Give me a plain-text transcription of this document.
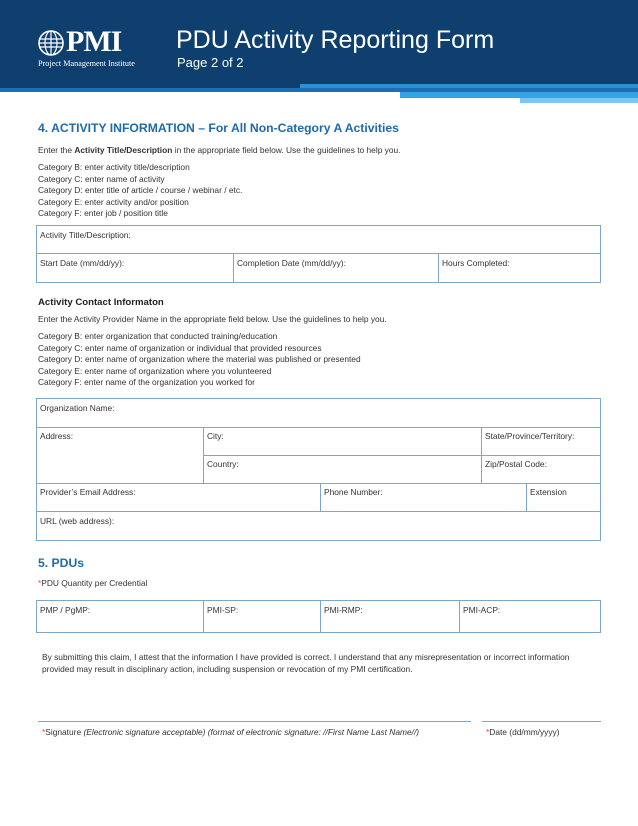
PMI
Project Management Institute
PDU Activity Reporting Form
Page 2 of 2
4. ACTIVITY INFORMATION – For All Non-Category A Activities
Enter the Activity Title/Description in the appropriate field below. Use the guidelines to help you.
Category B: enter activity title/description
Category C: enter name of activity
Category D: enter title of article / course / webinar / etc.
Category E: enter activity and/or position
Category F: enter job / position title
Activity Title/Description:
Start Date (mm/dd/yy):	Completion Date (mm/dd/yy):	Hours Completed:
Activity Contact Informaton
Enter the Activity Provider Name in the appropriate field below. Use the guidelines to help you.
Category B: enter organization that conducted training/education
Category C: enter name of organization or individual that provided resources
Category D: enter name of organization where the material was published or presented
Category E: enter name of organization where you volunteered
Category F: enter name of the organization you worked for
Organization Name:
Address:	City:	State/Province/Territory:
Country:	Zip/Postal Code:
Provider’s Email Address:	Phone Number:	Extension
URL (web address):
5. PDUs
*PDU Quantity per Credential
PMP / PgMP:	PMI-SP:	PMI-RMP:	PMI-ACP:
By submitting this claim, I attest that the information I have provided is correct. I understand that any misrepresentation or incorrect information provided may result in disciplinary action, including suspension or revocation of my PMI certification.
*Signature (Electronic signature acceptable) (format of electronic signature: //First Name Last Name//)	*Date (dd/mm/yyyy)
